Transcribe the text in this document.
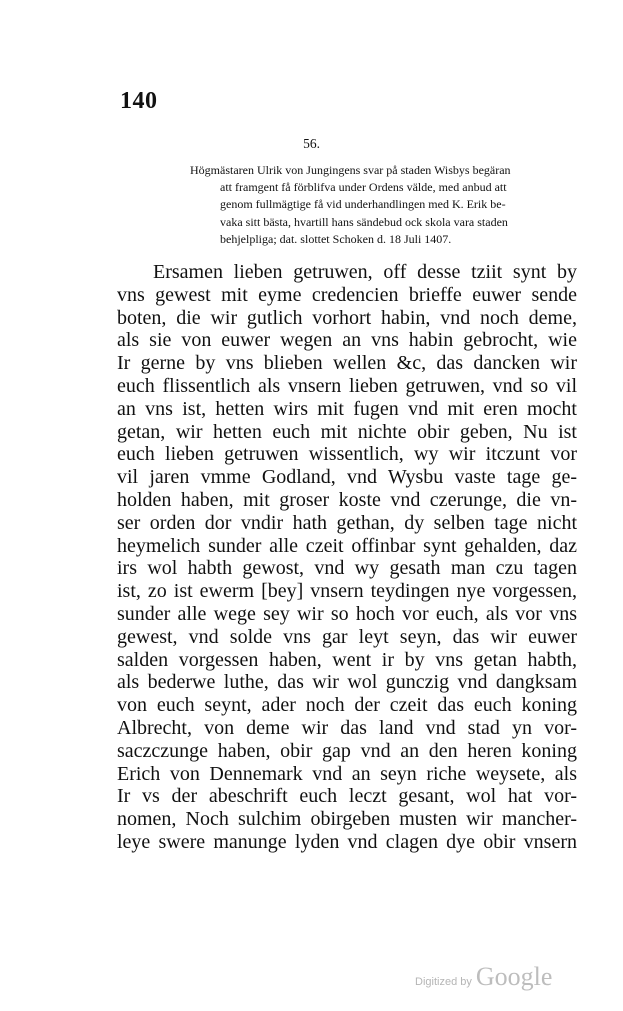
140
56.
Högmästaren Ulrik von Jungingens svar på staden Wisbys begäran
att framgent få förblifva under Ordens välde, med anbud att
genom fullmägtige få vid underhandlingen med K. Erik be-
vaka sitt bästa, hvartill hans sändebud ock skola vara staden
behjelpliga; dat. slottet Schoken d. 18 Juli 1407.
Ersamen lieben getruwen, off desse tziit synt by
vns gewest mit eyme credencien brieffe euwer sende
boten, die wir gutlich vorhort habin, vnd noch deme,
als sie von euwer wegen an vns habin gebrocht, wie
Ir gerne by vns blieben wellen &c, das dancken wir
euch flissentlich als vnsern lieben getruwen, vnd so vil
an vns ist, hetten wirs mit fugen vnd mit eren mocht
getan, wir hetten euch mit nichte obir geben, Nu ist
euch lieben getruwen wissentlich, wy wir itczunt vor
vil jaren vmme Godland, vnd Wysbu vaste tage ge-
holden haben, mit groser koste vnd czerunge, die vn-
ser orden dor vndir hath gethan, dy selben tage nicht
heymelich sunder alle czeit offinbar synt gehalden, daz
irs wol habth gewost, vnd wy gesath man czu tagen
ist, zo ist ewerm [bey] vnsern teydingen nye vorgessen,
sunder alle wege sey wir so hoch vor euch, als vor vns
gewest, vnd solde vns gar leyt seyn, das wir euwer
salden vorgessen haben, went ir by vns getan habth,
als bederwe luthe, das wir wol gunczig vnd dangksam
von euch seynt, ader noch der czeit das euch koning
Albrecht, von deme wir das land vnd stad yn vor-
saczczunge haben, obir gap vnd an den heren koning
Erich von Dennemark vnd an seyn riche weysete, als
Ir vs der abeschrift euch leczt gesant, wol hat vor-
nomen, Noch sulchim obirgeben musten wir mancher-
leye swere manunge lyden vnd clagen dye obir vnsern
Digitized by Google
